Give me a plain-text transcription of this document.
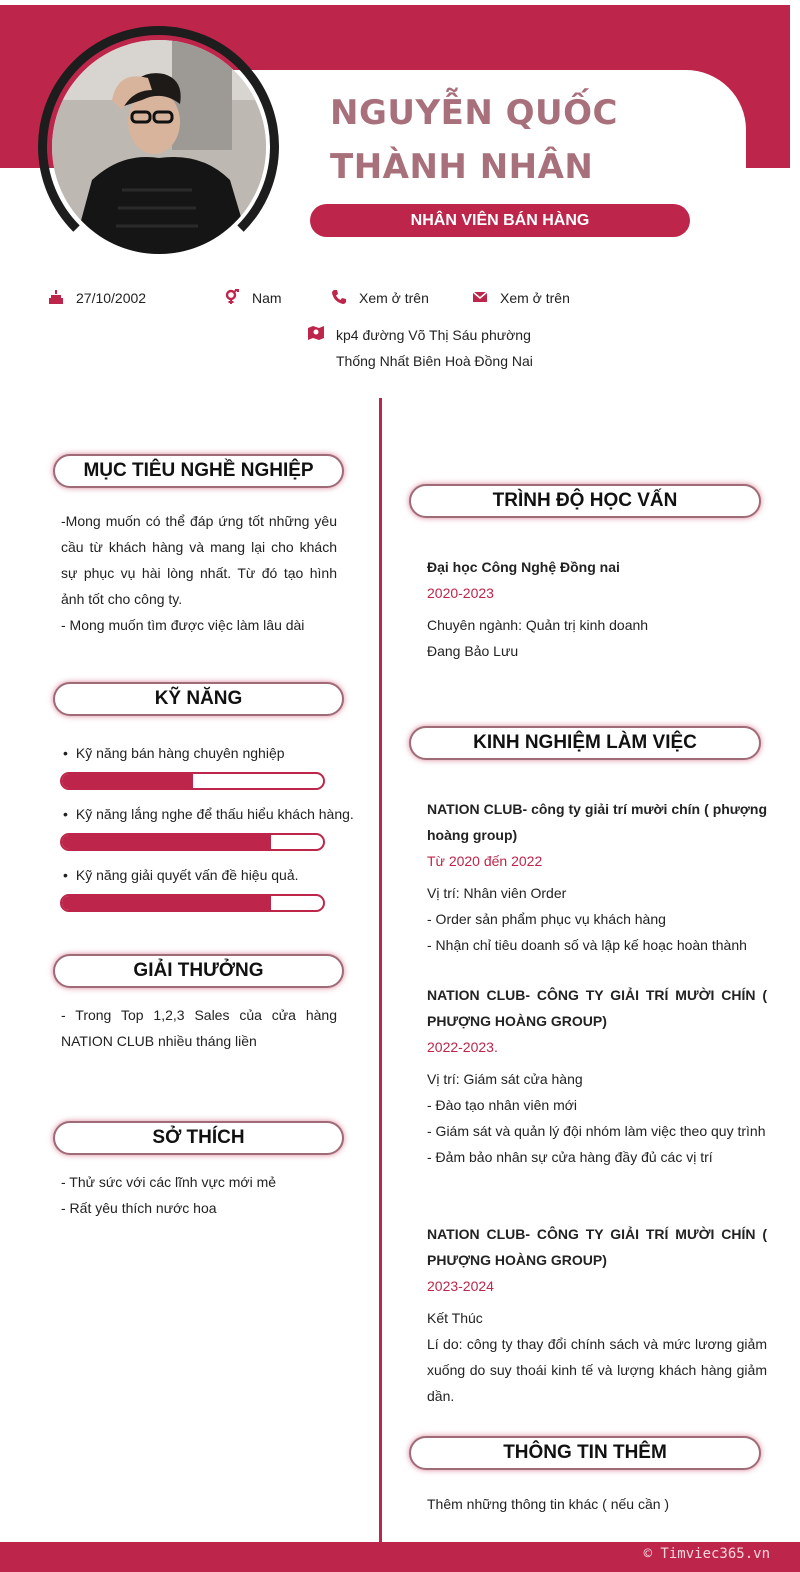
NGUYỄN QUỐC
THÀNH NHÂN
NHÂN VIÊN BÁN HÀNG
27/10/2002	Nam	Xem ở trên	Xem ở trên
kp4 đường Võ Thị Sáu phường
Thống Nhất Biên Hoà Đồng Nai
MỤC TIÊU NGHỀ NGHIỆP
-Mong muốn có thể đáp ứng tốt những yêu cầu từ khách hàng và mang lại cho khách sự phục vụ hài lòng nhất. Từ đó tạo hình ảnh tốt cho công ty.
- Mong muốn tìm được việc làm lâu dài
KỸ NĂNG
• Kỹ năng bán hàng chuyên nghiệp
• Kỹ năng lắng nghe để thấu hiểu khách hàng.
• Kỹ năng giải quyết vấn đề hiệu quả.
GIẢI THƯỞNG
- Trong Top 1,2,3 Sales của cửa hàng NATION CLUB nhiều tháng liền
SỞ THÍCH
- Thử sức với các lĩnh vực mới mẻ
- Rất yêu thích nước hoa
TRÌNH ĐỘ HỌC VẤN
Đại học Công Nghệ Đồng nai
2020-2023
Chuyên ngành: Quản trị kinh doanh
Đang Bảo Lưu
KINH NGHIỆM LÀM VIỆC
NATION CLUB- công ty giải trí mười chín ( phượng hoàng group)
Từ 2020 đến 2022
Vị trí: Nhân viên Order
- Order sản phẩm phục vụ khách hàng
- Nhận chỉ tiêu doanh số và lập kế hoạc hoàn thành
NATION CLUB- CÔNG TY GIẢI TRÍ MƯỜI CHÍN ( PHƯỢNG HOÀNG GROUP)
2022-2023.
Vị trí: Giám sát cửa hàng
- Đào tạo nhân viên mới
- Giám sát và quản lý đội nhóm làm việc theo quy trình
- Đảm bảo nhân sự cửa hàng đầy đủ các vị trí
NATION CLUB- CÔNG TY GIẢI TRÍ MƯỜI CHÍN ( PHƯỢNG HOÀNG GROUP)
2023-2024
Kết Thúc
Lí do: công ty thay đổi chính sách và mức lương giảm xuống do suy thoái kinh tế và lượng khách hàng giảm dần.
THÔNG TIN THÊM
Thêm những thông tin khác ( nếu cần )
© Timviec365.vn
